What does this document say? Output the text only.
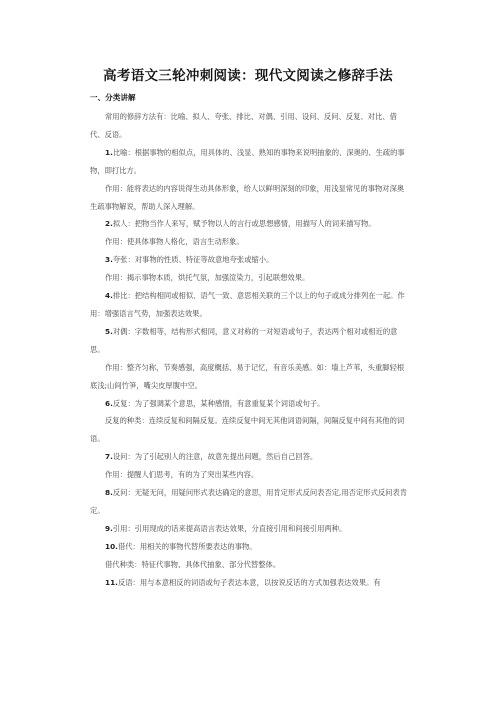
高考语文三轮冲刺阅读：现代文阅读之修辞手法
一、分类讲解

常用的修辞方法有：比喻、拟人、夸张、排比、对偶、引用、设问、反问、反复、对比、借代、反语。

1.比喻：根据事物的相似点，用具体的、浅显、熟知的事物来说明抽象的、深奥的、生疏的事物，即打比方。

作用：能将表达的内容说得生动具体形象，给人以鲜明深刻的印象，用浅显常见的事物对深奥生疏事物解说，帮助人深入理解。

2.拟人：把物当作人来写，赋予物以人的言行或思想感情，用描写人的词来描写物。

作用：使具体事物人格化，语言生动形象。

3.夸张：对事物的性质、特征等故意地夸张或缩小。

作用：揭示事物本质，烘托气氛，加强渲染力，引起联想效果。

4.排比：把结构相同或相似、语气一致、意思相关联的三个以上的句子或成分排列在一起。作用：增强语言气势，加强表达效果。

5.对偶：字数相等，结构形式相同，意义对称的一对短语或句子，表达两个相对或相近的意思。

作用：整齐匀称，节奏感强，高度概括、易于记忆，有音乐美感。如：墙上芦苇，头重脚轻根底浅;山间竹笋，嘴尖皮厚腹中空。

6.反复：为了强调某个意思，某种感情，有意重复某个词语或句子。

反复的种类：连续反复和间隔反复。连续反复中间无其他词语间隔，间隔反复中间有其他的词语。

7.设问：为了引起别人的注意，故意先提出问题，然后自己回答。

作用：提醒人们思考，有的为了突出某些内容。

8.反问：无疑无问，用疑问形式表达确定的意思，用肯定形式反问表否定,用否定形式反问表肯定。

9.引用：引用现成的话来提高语言表达效果，分直接引用和间接引用两种。

10.借代：用相关的事物代替所要表达的事物。

借代种类：特征代事物、具体代抽象、部分代替整体。

11.反语：用与本意相反的词语或句子表达本意，以按说反话的方式加强表达效果。有
